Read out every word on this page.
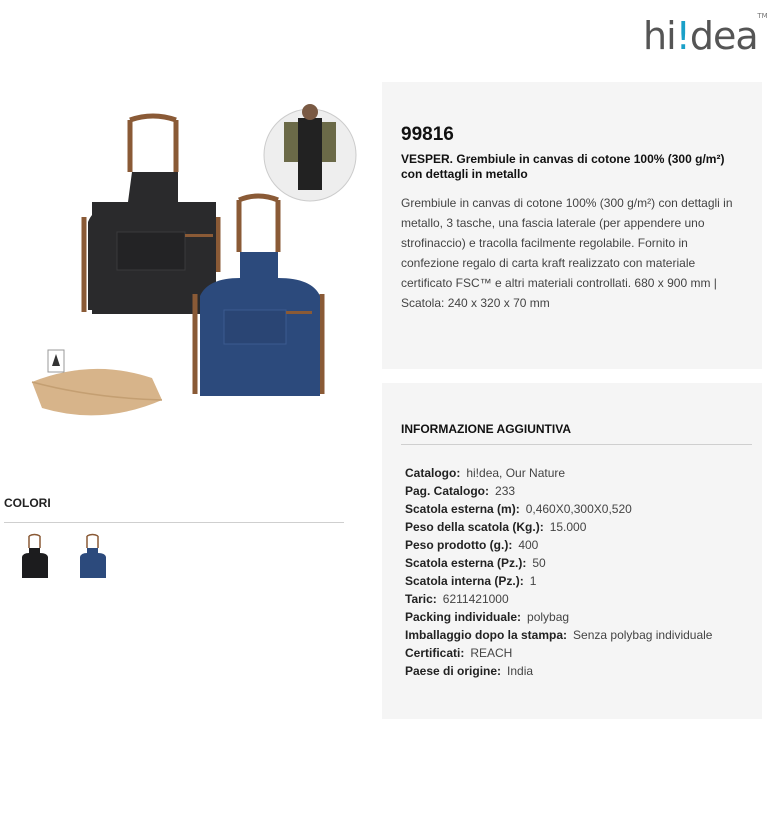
hi!dea TM
99816
VESPER. Grembiule in canvas di cotone 100% (300 g/m²) con dettagli in metallo
Grembiule in canvas di cotone 100% (300 g/m²) con dettagli in metallo, 3 tasche, una fascia laterale (per appendere uno strofinaccio) e tracolla facilmente regolabile. Fornito in confezione regalo di carta kraft realizzato con materiale certificato FSC™ e altri materiali controllati. 680 x 900 mm | Scatola: 240 x 320 x 70 mm
INFORMAZIONE AGGIUNTIVA
Catalogo: hi!dea, Our Nature
Pag. Catalogo: 233
Scatola esterna (m): 0,460X0,300X0,520
Peso della scatola (Kg.): 15.000
Peso prodotto (g.): 400
Scatola esterna (Pz.): 50
Scatola interna (Pz.): 1
Taric: 6211421000
Packing individuale: polybag
Imballaggio dopo la stampa: Senza polybag individuale
Certificati: REACH
Paese di origine: India
COLORI
